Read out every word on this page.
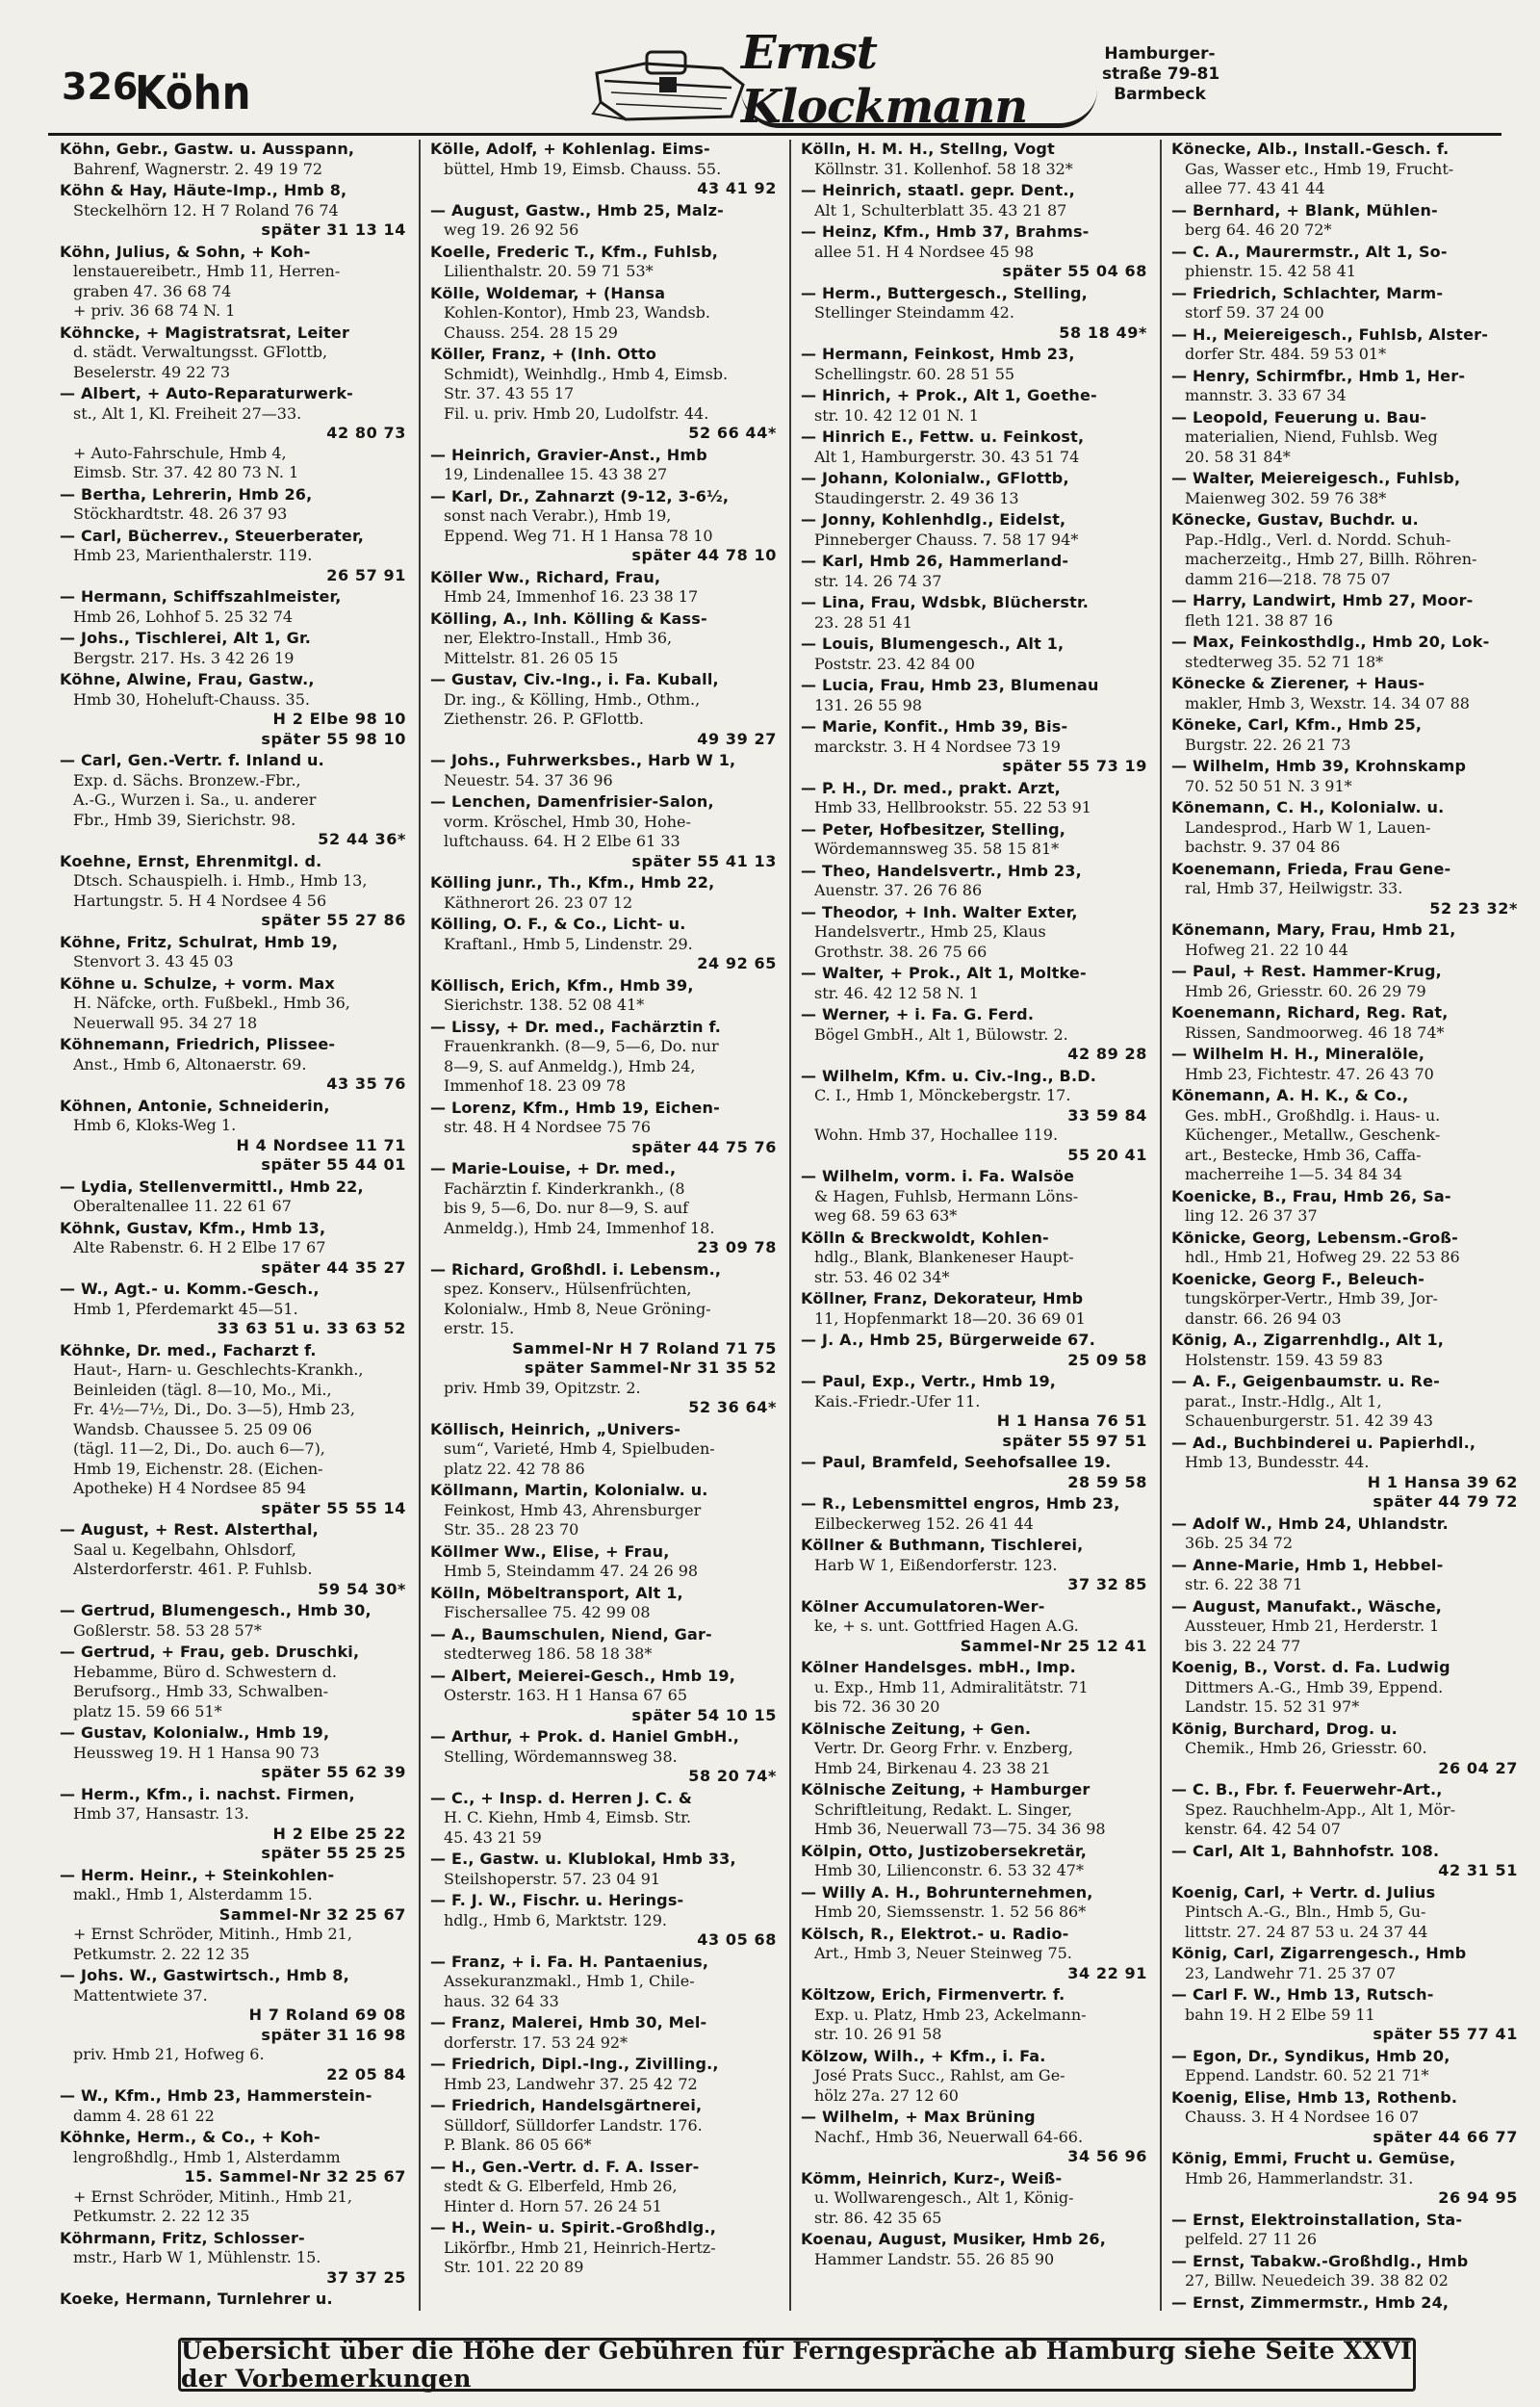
326
Köhn
Ernst Klockmann
Hamburger-
straße 79-81
Barmbeck
Köhn, Gebr., Gastw. u. Ausspann,
Bahrenf, Wagnerstr. 2. 49 19 72
Köhn & Hay, Häute-Imp., Hmb 8,
Steckelhörn 12. H 7 Roland 76 74
später 31 13 14
Köhn, Julius, & Sohn, + Koh-
lenstauereibetr., Hmb 11, Herren-
graben 47. 36 68 74
+ priv. 36 68 74 N. 1
Köhncke, + Magistratsrat, Leiter
d. städt. Verwaltungsst. GFlottb,
Beselerstr. 49 22 73
— Albert, + Auto-Reparaturwerk-
st., Alt 1, Kl. Freiheit 27—33.
42 80 73
+ Auto-Fahrschule, Hmb 4,
Eimsb. Str. 37. 42 80 73 N. 1
— Bertha, Lehrerin, Hmb 26,
Stöckhardtstr. 48. 26 37 93
— Carl, Bücherrev., Steuerberater,
Hmb 23, Marienthalerstr. 119.
26 57 91
— Hermann, Schiffszahlmeister,
Hmb 26, Lohhof 5. 25 32 74
— Johs., Tischlerei, Alt 1, Gr.
Bergstr. 217. Hs. 3 42 26 19
Köhne, Alwine, Frau, Gastw.,
Hmb 30, Hoheluft-Chauss. 35.
H 2 Elbe 98 10
später 55 98 10
— Carl, Gen.-Vertr. f. Inland u.
Exp. d. Sächs. Bronzew.-Fbr.,
A.-G., Wurzen i. Sa., u. anderer
Fbr., Hmb 39, Sierichstr. 98.
52 44 36*
Koehne, Ernst, Ehrenmitgl. d.
Dtsch. Schauspielh. i. Hmb., Hmb 13,
Hartungstr. 5. H 4 Nordsee 4 56
später 55 27 86
Köhne, Fritz, Schulrat, Hmb 19,
Stenvort 3. 43 45 03
Köhne u. Schulze, + vorm. Max
H. Näfcke, orth. Fußbekl., Hmb 36,
Neuerwall 95. 34 27 18
Köhnemann, Friedrich, Plissee-
Anst., Hmb 6, Altonaerstr. 69.
43 35 76
Köhnen, Antonie, Schneiderin,
Hmb 6, Kloks-Weg 1.
H 4 Nordsee 11 71
später 55 44 01
— Lydia, Stellenvermittl., Hmb 22,
Oberaltenallee 11. 22 61 67
Köhnk, Gustav, Kfm., Hmb 13,
Alte Rabenstr. 6. H 2 Elbe 17 67
später 44 35 27
— W., Agt.- u. Komm.-Gesch.,
Hmb 1, Pferdemarkt 45—51.
33 63 51 u. 33 63 52
Köhnke, Dr. med., Facharzt f.
Haut-, Harn- u. Geschlechts-Krankh.,
Beinleiden (tägl. 8—10, Mo., Mi.,
Fr. 4½—7½, Di., Do. 3—5), Hmb 23,
Wandsb. Chaussee 5. 25 09 06
(tägl. 11—2, Di., Do. auch 6—7),
Hmb 19, Eichenstr. 28. (Eichen-
Apotheke) H 4 Nordsee 85 94
später 55 55 14
— August, + Rest. Alsterthal,
Saal u. Kegelbahn, Ohlsdorf,
Alsterdorferstr. 461. P. Fuhlsb.
59 54 30*
— Gertrud, Blumengesch., Hmb 30,
Goßlerstr. 58. 53 28 57*
— Gertrud, + Frau, geb. Druschki,
Hebamme, Büro d. Schwestern d.
Berufsorg., Hmb 33, Schwalben-
platz 15. 59 66 51*
— Gustav, Kolonialw., Hmb 19,
Heussweg 19. H 1 Hansa 90 73
später 55 62 39
— Herm., Kfm., i. nachst. Firmen,
Hmb 37, Hansastr. 13.
H 2 Elbe 25 22
später 55 25 25
— Herm. Heinr., + Steinkohlen-
makl., Hmb 1, Alsterdamm 15.
Sammel-Nr 32 25 67
+ Ernst Schröder, Mitinh., Hmb 21,
Petkumstr. 2. 22 12 35
— Johs. W., Gastwirtsch., Hmb 8,
Mattentwiete 37.
H 7 Roland 69 08
später 31 16 98
priv. Hmb 21, Hofweg 6.
22 05 84
— W., Kfm., Hmb 23, Hammerstein-
damm 4. 28 61 22
Köhnke, Herm., & Co., + Koh-
lengroßhdlg., Hmb 1, Alsterdamm
15. Sammel-Nr 32 25 67
+ Ernst Schröder, Mitinh., Hmb 21,
Petkumstr. 2. 22 12 35
Köhrmann, Fritz, Schlosser-
mstr., Harb W 1, Mühlenstr. 15.
37 37 25
Koeke, Hermann, Turnlehrer u.
Kölle, Adolf, + Kohlenlag. Eims-
büttel, Hmb 19, Eimsb. Chauss. 55.
43 41 92
— August, Gastw., Hmb 25, Malz-
weg 19. 26 92 56
Koelle, Frederic T., Kfm., Fuhlsb,
Lilienthalstr. 20. 59 71 53*
Kölle, Woldemar, + (Hansa
Kohlen-Kontor), Hmb 23, Wandsb.
Chauss. 254. 28 15 29
Köller, Franz, + (Inh. Otto
Schmidt), Weinhdlg., Hmb 4, Eimsb.
Str. 37. 43 55 17
Fil. u. priv. Hmb 20, Ludolfstr. 44.
52 66 44*
— Heinrich, Gravier-Anst., Hmb
19, Lindenallee 15. 43 38 27
— Karl, Dr., Zahnarzt (9-12, 3-6½,
sonst nach Verabr.), Hmb 19,
Eppend. Weg 71. H 1 Hansa 78 10
später 44 78 10
Köller Ww., Richard, Frau,
Hmb 24, Immenhof 16. 23 38 17
Kölling, A., Inh. Kölling & Kass-
ner, Elektro-Install., Hmb 36,
Mittelstr. 81. 26 05 15
— Gustav, Civ.-Ing., i. Fa. Kuball,
Dr. ing., & Kölling, Hmb., Othm.,
Ziethenstr. 26. P. GFlottb.
49 39 27
— Johs., Fuhrwerksbes., Harb W 1,
Neuestr. 54. 37 36 96
— Lenchen, Damenfrisier-Salon,
vorm. Kröschel, Hmb 30, Hohe-
luftchauss. 64. H 2 Elbe 61 33
später 55 41 13
Kölling junr., Th., Kfm., Hmb 22,
Käthnerort 26. 23 07 12
Kölling, O. F., & Co., Licht- u.
Kraftanl., Hmb 5, Lindenstr. 29.
24 92 65
Köllisch, Erich, Kfm., Hmb 39,
Sierichstr. 138. 52 08 41*
— Lissy, + Dr. med., Fachärztin f.
Frauenkrankh. (8—9, 5—6, Do. nur
8—9, S. auf Anmeldg.), Hmb 24,
Immenhof 18. 23 09 78
— Lorenz, Kfm., Hmb 19, Eichen-
str. 48. H 4 Nordsee 75 76
später 44 75 76
— Marie-Louise, + Dr. med.,
Fachärztin f. Kinderkrankh., (8
bis 9, 5—6, Do. nur 8—9, S. auf
Anmeldg.), Hmb 24, Immenhof 18.
23 09 78
— Richard, Großhdl. i. Lebensm.,
spez. Konserv., Hülsenfrüchten,
Kolonialw., Hmb 8, Neue Gröning-
erstr. 15.
Sammel-Nr H 7 Roland 71 75
später Sammel-Nr 31 35 52
priv. Hmb 39, Opitzstr. 2.
52 36 64*
Köllisch, Heinrich, „Univers-
sum“, Varieté, Hmb 4, Spielbuden-
platz 22. 42 78 86
Köllmann, Martin, Kolonialw. u.
Feinkost, Hmb 43, Ahrensburger
Str. 35.. 28 23 70
Köllmer Ww., Elise, + Frau,
Hmb 5, Steindamm 47. 24 26 98
Kölln, Möbeltransport, Alt 1,
Fischersallee 75. 42 99 08
— A., Baumschulen, Niend, Gar-
stedterweg 186. 58 18 38*
— Albert, Meierei-Gesch., Hmb 19,
Osterstr. 163. H 1 Hansa 67 65
später 54 10 15
— Arthur, + Prok. d. Haniel GmbH.,
Stelling, Wördemannsweg 38.
58 20 74*
— C., + Insp. d. Herren J. C. &
H. C. Kiehn, Hmb 4, Eimsb. Str.
45. 43 21 59
— E., Gastw. u. Klublokal, Hmb 33,
Steilshoperstr. 57. 23 04 91
— F. J. W., Fischr. u. Herings-
hdlg., Hmb 6, Marktstr. 129.
43 05 68
— Franz, + i. Fa. H. Pantaenius,
Assekuranzmakl., Hmb 1, Chile-
haus. 32 64 33
— Franz, Malerei, Hmb 30, Mel-
dorferstr. 17. 53 24 92*
— Friedrich, Dipl.-Ing., Zivilling.,
Hmb 23, Landwehr 37. 25 42 72
— Friedrich, Handelsgärtnerei,
Sülldorf, Sülldorfer Landstr. 176.
P. Blank. 86 05 66*
— H., Gen.-Vertr. d. F. A. Isser-
stedt & G. Elberfeld, Hmb 26,
Hinter d. Horn 57. 26 24 51
— H., Wein- u. Spirit.-Großhdlg.,
Likörfbr., Hmb 21, Heinrich-Hertz-
Str. 101. 22 20 89
Kölln, H. M. H., Stellng, Vogt
Köllnstr. 31. Kollenhof. 58 18 32*
— Heinrich, staatl. gepr. Dent.,
Alt 1, Schulterblatt 35. 43 21 87
— Heinz, Kfm., Hmb 37, Brahms-
allee 51. H 4 Nordsee 45 98
später 55 04 68
— Herm., Buttergesch., Stelling,
Stellinger Steindamm 42.
58 18 49*
— Hermann, Feinkost, Hmb 23,
Schellingstr. 60. 28 51 55
— Hinrich, + Prok., Alt 1, Goethe-
str. 10. 42 12 01 N. 1
— Hinrich E., Fettw. u. Feinkost,
Alt 1, Hamburgerstr. 30. 43 51 74
— Johann, Kolonialw., GFlottb,
Staudingerstr. 2. 49 36 13
— Jonny, Kohlenhdlg., Eidelst,
Pinneberger Chauss. 7. 58 17 94*
— Karl, Hmb 26, Hammerland-
str. 14. 26 74 37
— Lina, Frau, Wdsbk, Blücherstr.
23. 28 51 41
— Louis, Blumengesch., Alt 1,
Poststr. 23. 42 84 00
— Lucia, Frau, Hmb 23, Blumenau
131. 26 55 98
— Marie, Konfit., Hmb 39, Bis-
marckstr. 3. H 4 Nordsee 73 19
später 55 73 19
— P. H., Dr. med., prakt. Arzt,
Hmb 33, Hellbrookstr. 55. 22 53 91
— Peter, Hofbesitzer, Stelling,
Wördemannsweg 35. 58 15 81*
— Theo, Handelsvertr., Hmb 23,
Auenstr. 37. 26 76 86
— Theodor, + Inh. Walter Exter,
Handelsvertr., Hmb 25, Klaus
Grothstr. 38. 26 75 66
— Walter, + Prok., Alt 1, Moltke-
str. 46. 42 12 58 N. 1
— Werner, + i. Fa. G. Ferd.
Bögel GmbH., Alt 1, Bülowstr. 2.
42 89 28
— Wilhelm, Kfm. u. Civ.-Ing., B.D.
C. I., Hmb 1, Mönckebergstr. 17.
33 59 84
Wohn. Hmb 37, Hochallee 119.
55 20 41
— Wilhelm, vorm. i. Fa. Walsöe
& Hagen, Fuhlsb, Hermann Löns-
weg 68. 59 63 63*
Kölln & Breckwoldt, Kohlen-
hdlg., Blank, Blankeneser Haupt-
str. 53. 46 02 34*
Köllner, Franz, Dekorateur, Hmb
11, Hopfenmarkt 18—20. 36 69 01
— J. A., Hmb 25, Bürgerweide 67.
25 09 58
— Paul, Exp., Vertr., Hmb 19,
Kais.-Friedr.-Ufer 11.
H 1 Hansa 76 51
später 55 97 51
— Paul, Bramfeld, Seehofsallee 19.
28 59 58
— R., Lebensmittel engros, Hmb 23,
Eilbeckerweg 152. 26 41 44
Köllner & Buthmann, Tischlerei,
Harb W 1, Eißendorferstr. 123.
37 32 85
Kölner Accumulatoren-Wer-
ke, + s. unt. Gottfried Hagen A.G.
Sammel-Nr 25 12 41
Kölner Handelsges. mbH., Imp.
u. Exp., Hmb 11, Admiralitätstr. 71
bis 72. 36 30 20
Kölnische Zeitung, + Gen.
Vertr. Dr. Georg Frhr. v. Enzberg,
Hmb 24, Birkenau 4. 23 38 21
Kölnische Zeitung, + Hamburger
Schriftleitung, Redakt. L. Singer,
Hmb 36, Neuerwall 73—75. 34 36 98
Kölpin, Otto, Justizobersekretär,
Hmb 30, Lilienconstr. 6. 53 32 47*
— Willy A. H., Bohrunternehmen,
Hmb 20, Siemssenstr. 1. 52 56 86*
Kölsch, R., Elektrot.- u. Radio-
Art., Hmb 3, Neuer Steinweg 75.
34 22 91
Költzow, Erich, Firmenvertr. f.
Exp. u. Platz, Hmb 23, Ackelmann-
str. 10. 26 91 58
Kölzow, Wilh., + Kfm., i. Fa.
José Prats Succ., Rahlst, am Ge-
hölz 27a. 27 12 60
— Wilhelm, + Max Brüning
Nachf., Hmb 36, Neuerwall 64-66.
34 56 96
Kömm, Heinrich, Kurz-, Weiß-
u. Wollwarengesch., Alt 1, König-
str. 86. 42 35 65
Koenau, August, Musiker, Hmb 26,
Hammer Landstr. 55. 26 85 90
Könecke, Alb., Install.-Gesch. f.
Gas, Wasser etc., Hmb 19, Frucht-
allee 77. 43 41 44
— Bernhard, + Blank, Mühlen-
berg 64. 46 20 72*
— C. A., Maurermstr., Alt 1, So-
phienstr. 15. 42 58 41
— Friedrich, Schlachter, Marm-
storf 59. 37 24 00
— H., Meiereigesch., Fuhlsb, Alster-
dorfer Str. 484. 59 53 01*
— Henry, Schirmfbr., Hmb 1, Her-
mannstr. 3. 33 67 34
— Leopold, Feuerung u. Bau-
materialien, Niend, Fuhlsb. Weg
20. 58 31 84*
— Walter, Meiereigesch., Fuhlsb,
Maienweg 302. 59 76 38*
Könecke, Gustav, Buchdr. u.
Pap.-Hdlg., Verl. d. Nordd. Schuh-
macherzeitg., Hmb 27, Billh. Röhren-
damm 216—218. 78 75 07
— Harry, Landwirt, Hmb 27, Moor-
fleth 121. 38 87 16
— Max, Feinkosthdlg., Hmb 20, Lok-
stedterweg 35. 52 71 18*
Könecke & Zierener, + Haus-
makler, Hmb 3, Wexstr. 14. 34 07 88
Köneke, Carl, Kfm., Hmb 25,
Burgstr. 22. 26 21 73
— Wilhelm, Hmb 39, Krohnskamp
70. 52 50 51 N. 3 91*
Könemann, C. H., Kolonialw. u.
Landesprod., Harb W 1, Lauen-
bachstr. 9. 37 04 86
Koenemann, Frieda, Frau Gene-
ral, Hmb 37, Heilwigstr. 33.
52 23 32*
Könemann, Mary, Frau, Hmb 21,
Hofweg 21. 22 10 44
— Paul, + Rest. Hammer-Krug,
Hmb 26, Griesstr. 60. 26 29 79
Koenemann, Richard, Reg. Rat,
Rissen, Sandmoorweg. 46 18 74*
— Wilhelm H. H., Mineralöle,
Hmb 23, Fichtestr. 47. 26 43 70
Könemann, A. H. K., & Co.,
Ges. mbH., Großhdlg. i. Haus- u.
Küchenger., Metallw., Geschenk-
art., Bestecke, Hmb 36, Caffa-
macherreihe 1—5. 34 84 34
Koenicke, B., Frau, Hmb 26, Sa-
ling 12. 26 37 37
Könicke, Georg, Lebensm.-Groß-
hdl., Hmb 21, Hofweg 29. 22 53 86
Koenicke, Georg F., Beleuch-
tungskörper-Vertr., Hmb 39, Jor-
danstr. 66. 26 94 03
König, A., Zigarrenhdlg., Alt 1,
Holstenstr. 159. 43 59 83
— A. F., Geigenbaumstr. u. Re-
parat., Instr.-Hdlg., Alt 1,
Schauenburgerstr. 51. 42 39 43
— Ad., Buchbinderei u. Papierhdl.,
Hmb 13, Bundesstr. 44.
H 1 Hansa 39 62
später 44 79 72
— Adolf W., Hmb 24, Uhlandstr.
36b. 25 34 72
— Anne-Marie, Hmb 1, Hebbel-
str. 6. 22 38 71
— August, Manufakt., Wäsche,
Aussteuer, Hmb 21, Herderstr. 1
bis 3. 22 24 77
Koenig, B., Vorst. d. Fa. Ludwig
Dittmers A.-G., Hmb 39, Eppend.
Landstr. 15. 52 31 97*
König, Burchard, Drog. u.
Chemik., Hmb 26, Griesstr. 60.
26 04 27
— C. B., Fbr. f. Feuerwehr-Art.,
Spez. Rauchhelm-App., Alt 1, Mör-
kenstr. 64. 42 54 07
— Carl, Alt 1, Bahnhofstr. 108.
42 31 51
Koenig, Carl, + Vertr. d. Julius
Pintsch A.-G., Bln., Hmb 5, Gu-
littstr. 27. 24 87 53 u. 24 37 44
König, Carl, Zigarrengesch., Hmb
23, Landwehr 71. 25 37 07
— Carl F. W., Hmb 13, Rutsch-
bahn 19. H 2 Elbe 59 11
später 55 77 41
— Egon, Dr., Syndikus, Hmb 20,
Eppend. Landstr. 60. 52 21 71*
Koenig, Elise, Hmb 13, Rothenb.
Chauss. 3. H 4 Nordsee 16 07
später 44 66 77
König, Emmi, Frucht u. Gemüse,
Hmb 26, Hammerlandstr. 31.
26 94 95
— Ernst, Elektroinstallation, Sta-
pelfeld. 27 11 26
— Ernst, Tabakw.-Großhdlg., Hmb
27, Billw. Neuedeich 39. 38 82 02
— Ernst, Zimmermstr., Hmb 24,
Uebersicht über die Höhe der Gebühren für Ferngespräche ab Hamburg siehe Seite XXVI der Vorbemerkungen
